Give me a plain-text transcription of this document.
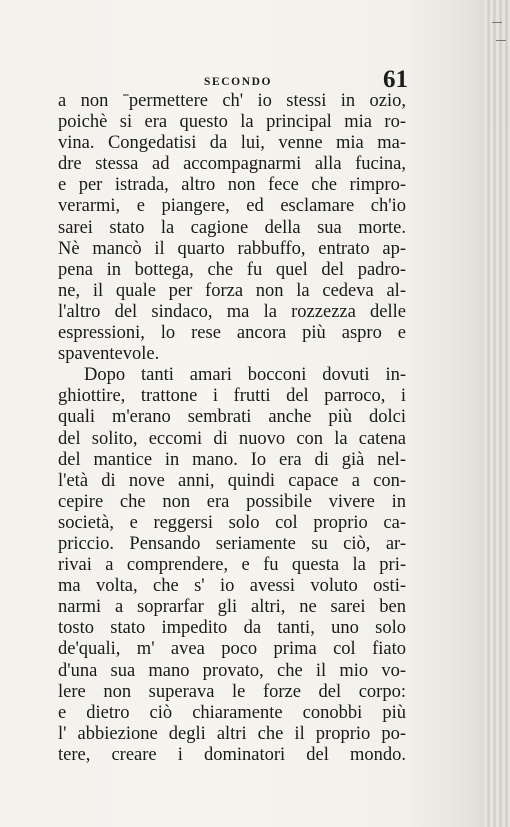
SECONDO	61
a non ˉpermettere ch' io stessi in ozio,
poichè si era questo la principal mia ro-
vina. Congedatisi da lui, venne mia ma-
dre stessa ad accompagnarmi alla fucina,
e per istrada, altro non fece che rimpro-
verarmi, e piangere, ed esclamare ch'io
sarei stato la cagione della sua morte.
Nè mancò il quarto rabbuffo, entrato ap-
pena in bottega, che fu quel del padro-
ne, il quale per forza non la cedeva al-
l'altro del sindaco, ma la rozzezza delle
espressioni, lo rese ancora più aspro e
spaventevole.
Dopo tanti amari bocconi dovuti in-
ghiottire, trattone i frutti del parroco, i
quali m'erano sembrati anche più dolci
del solito, eccomi di nuovo con la catena
del mantice in mano. Io era di già nel-
l'età di nove anni, quindi capace a con-
cepire che non era possibile vivere in
società, e reggersi solo col proprio ca-
priccio. Pensando seriamente su ciò, ar-
rivai a comprendere, e fu questa la pri-
ma volta, che s' io avessi voluto osti-
narmi a soprarfar gli altri, ne sarei ben
tosto stato impedito da tanti, uno solo
de'quali, m' avea poco prima col fiato
d'una sua mano provato, che il mio vo-
lere non superava le forze del corpo:
e dietro ciò chiaramente conobbi più
l' abbiezione degli altri che il proprio po-
tere, creare i dominatori del mondo.
